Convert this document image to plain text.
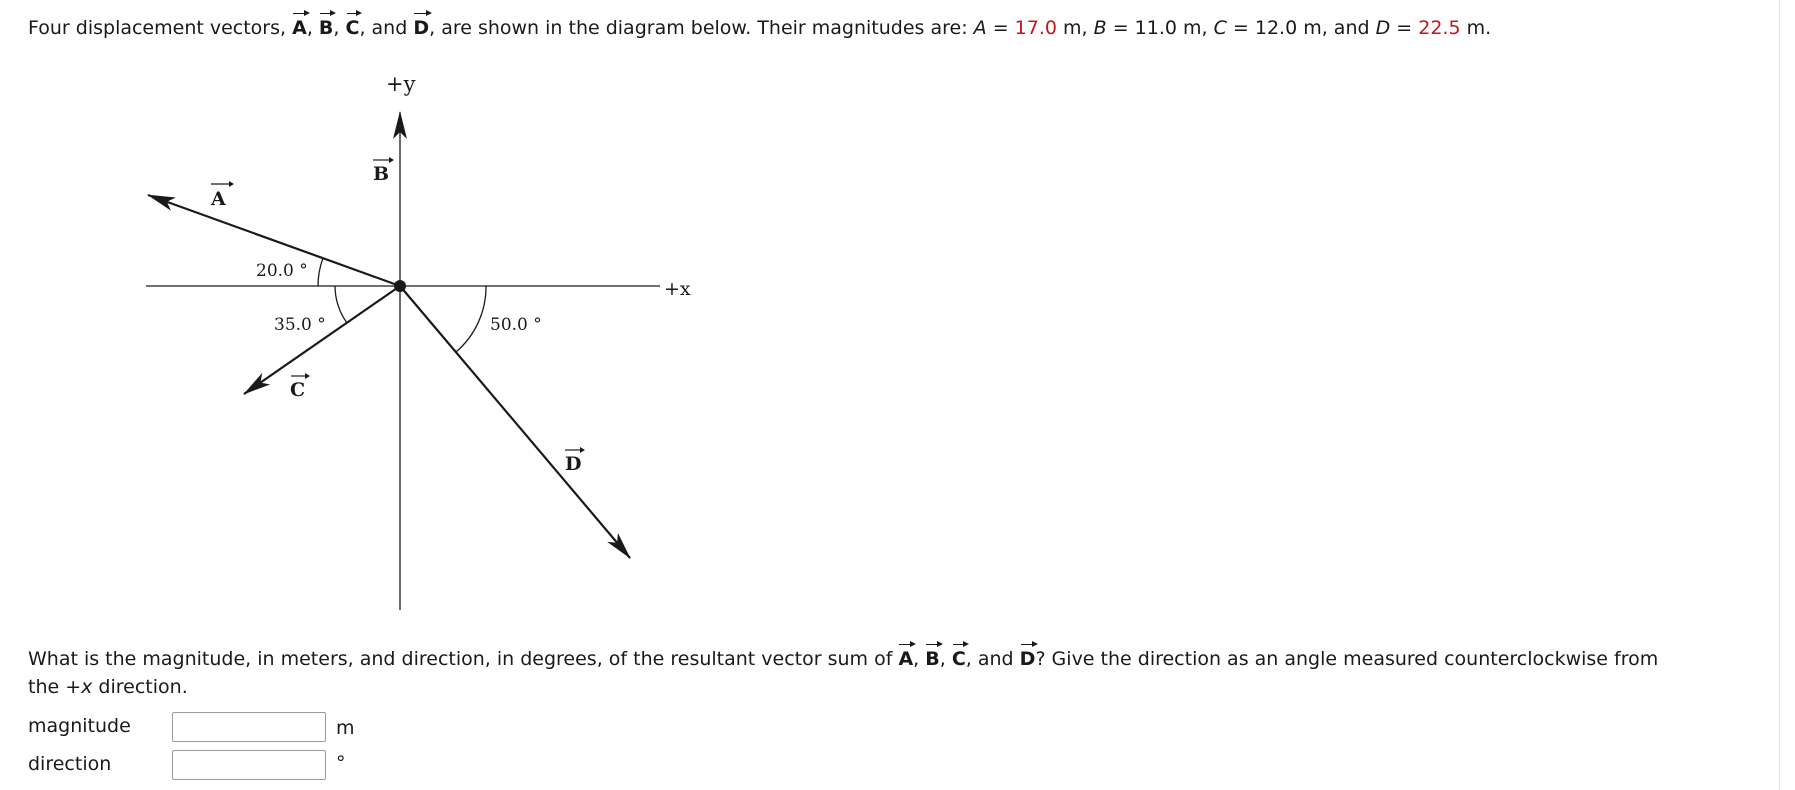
Four displacement vectors, A, B, C, and D, are shown in the diagram below. Their magnitudes are: A = 17.0 m, B = 11.0 m, C = 12.0 m, and D = 22.5 m.
+y
+x
A
B
C
D
20.0 °
35.0 °	50.0 °
What is the magnitude, in meters, and direction, in degrees, of the resultant vector sum of A, B, C, and D? Give the direction as an angle measured counterclockwise from
the +x direction.
magnitude	m
direction	°
